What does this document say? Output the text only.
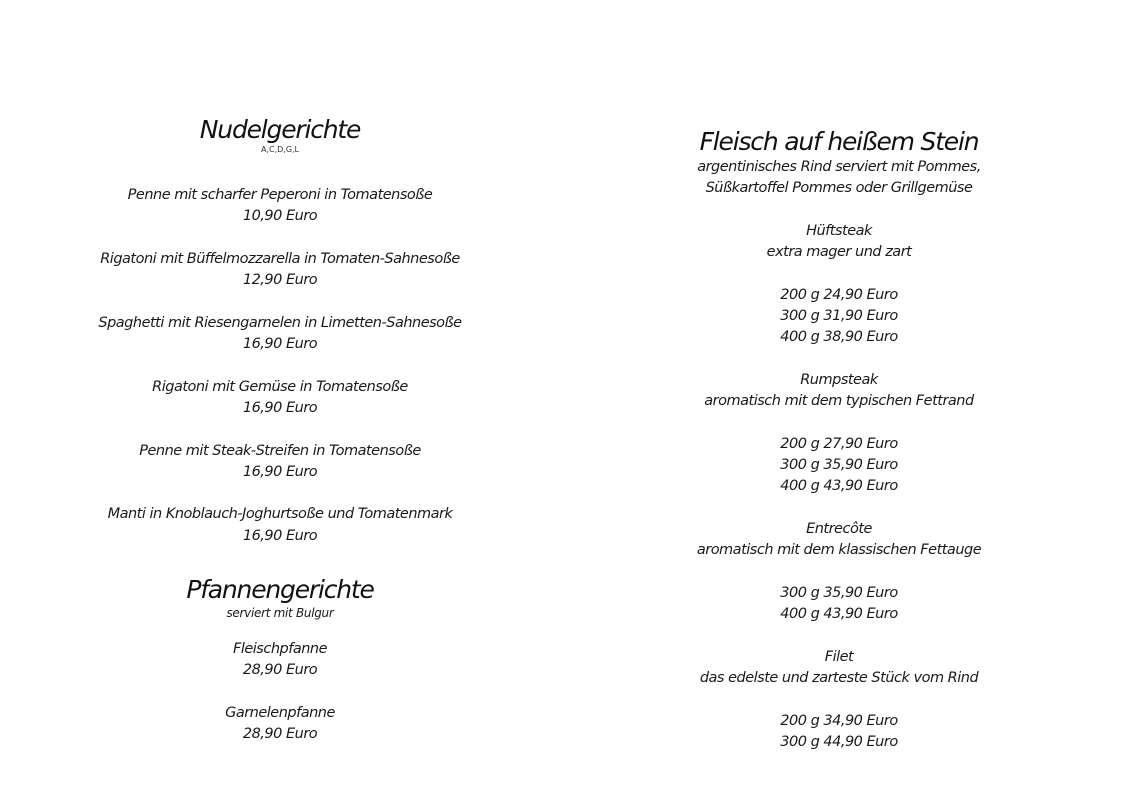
Nudelgerichte
A,C,D,G,L
Penne mit scharfer Peperoni in Tomatensoße
10,90 Euro
Rigatoni mit Büffelmozzarella in Tomaten-Sahnesoße
12,90 Euro
Spaghetti mit Riesengarnelen in Limetten-Sahnesoße
16,90 Euro
Rigatoni mit Gemüse in Tomatensoße
16,90 Euro
Penne mit Steak-Streifen in Tomatensoße
16,90 Euro
Manti in Knoblauch-Joghurtsoße und Tomatenmark
16,90 Euro
Pfannengerichte
serviert mit Bulgur
Fleischpfanne
28,90 Euro
Garnelenpfanne
28,90 Euro
Fleisch auf heißem Stein
argentinisches Rind serviert mit Pommes,
Süßkartoffel Pommes oder Grillgemüse
Hüftsteak
extra mager und zart
200 g 24,90 Euro
300 g 31,90 Euro
400 g 38,90 Euro
Rumpsteak
aromatisch mit dem typischen Fettrand
200 g 27,90 Euro
300 g 35,90 Euro
400 g 43,90 Euro
Entrecôte
aromatisch mit dem klassischen Fettauge
300 g 35,90 Euro
400 g 43,90 Euro
Filet
das edelste und zarteste Stück vom Rind
200 g 34,90 Euro
300 g 44,90 Euro
